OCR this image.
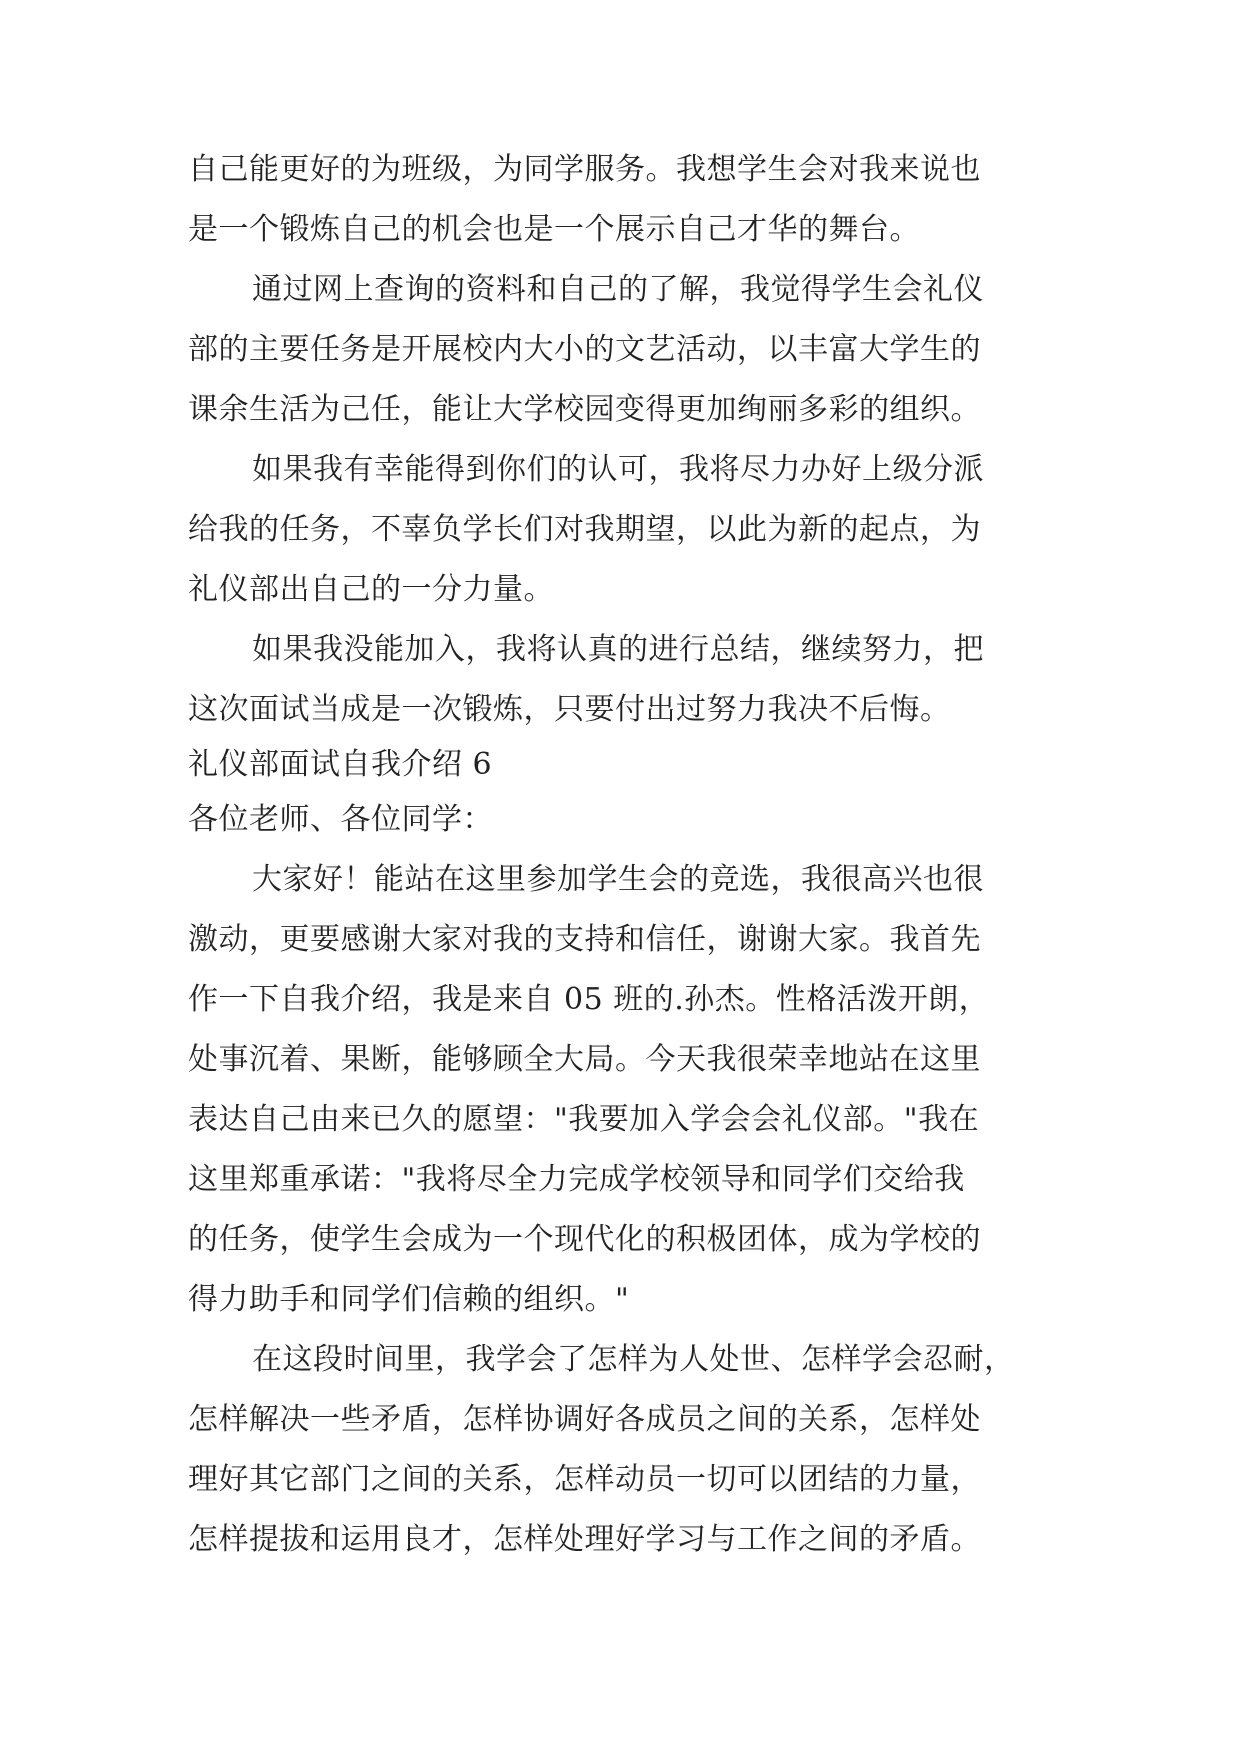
自己能更好的为班级，为同学服务。我想学生会对我来说也
是一个锻炼自己的机会也是一个展示自己才华的舞台。
通过网上查询的资料和自己的了解，我觉得学生会礼仪
部的主要任务是开展校内大小的文艺活动，以丰富大学生的
课余生活为己任，能让大学校园变得更加绚丽多彩的组织。
如果我有幸能得到你们的认可，我将尽力办好上级分派
给我的任务，不辜负学长们对我期望，以此为新的起点，为
礼仪部出自己的一分力量。
如果我没能加入，我将认真的进行总结，继续努力，把
这次面试当成是一次锻炼，只要付出过努力我决不后悔。
礼仪部面试自我介绍 6
各位老师、各位同学：
大家好！能站在这里参加学生会的竞选，我很高兴也很
激动，更要感谢大家对我的支持和信任，谢谢大家。我首先
作一下自我介绍，我是来自 05 班的.孙杰。性格活泼开朗，
处事沉着、果断，能够顾全大局。今天我很荣幸地站在这里
表达自己由来已久的愿望："我要加入学会会礼仪部。"我在
这里郑重承诺："我将尽全力完成学校领导和同学们交给我
的任务，使学生会成为一个现代化的积极团体，成为学校的
得力助手和同学们信赖的组织。"
在这段时间里，我学会了怎样为人处世、怎样学会忍耐，
怎样解决一些矛盾，怎样协调好各成员之间的关系，怎样处
理好其它部门之间的关系，怎样动员一切可以团结的力量，
怎样提拔和运用良才，怎样处理好学习与工作之间的矛盾。
